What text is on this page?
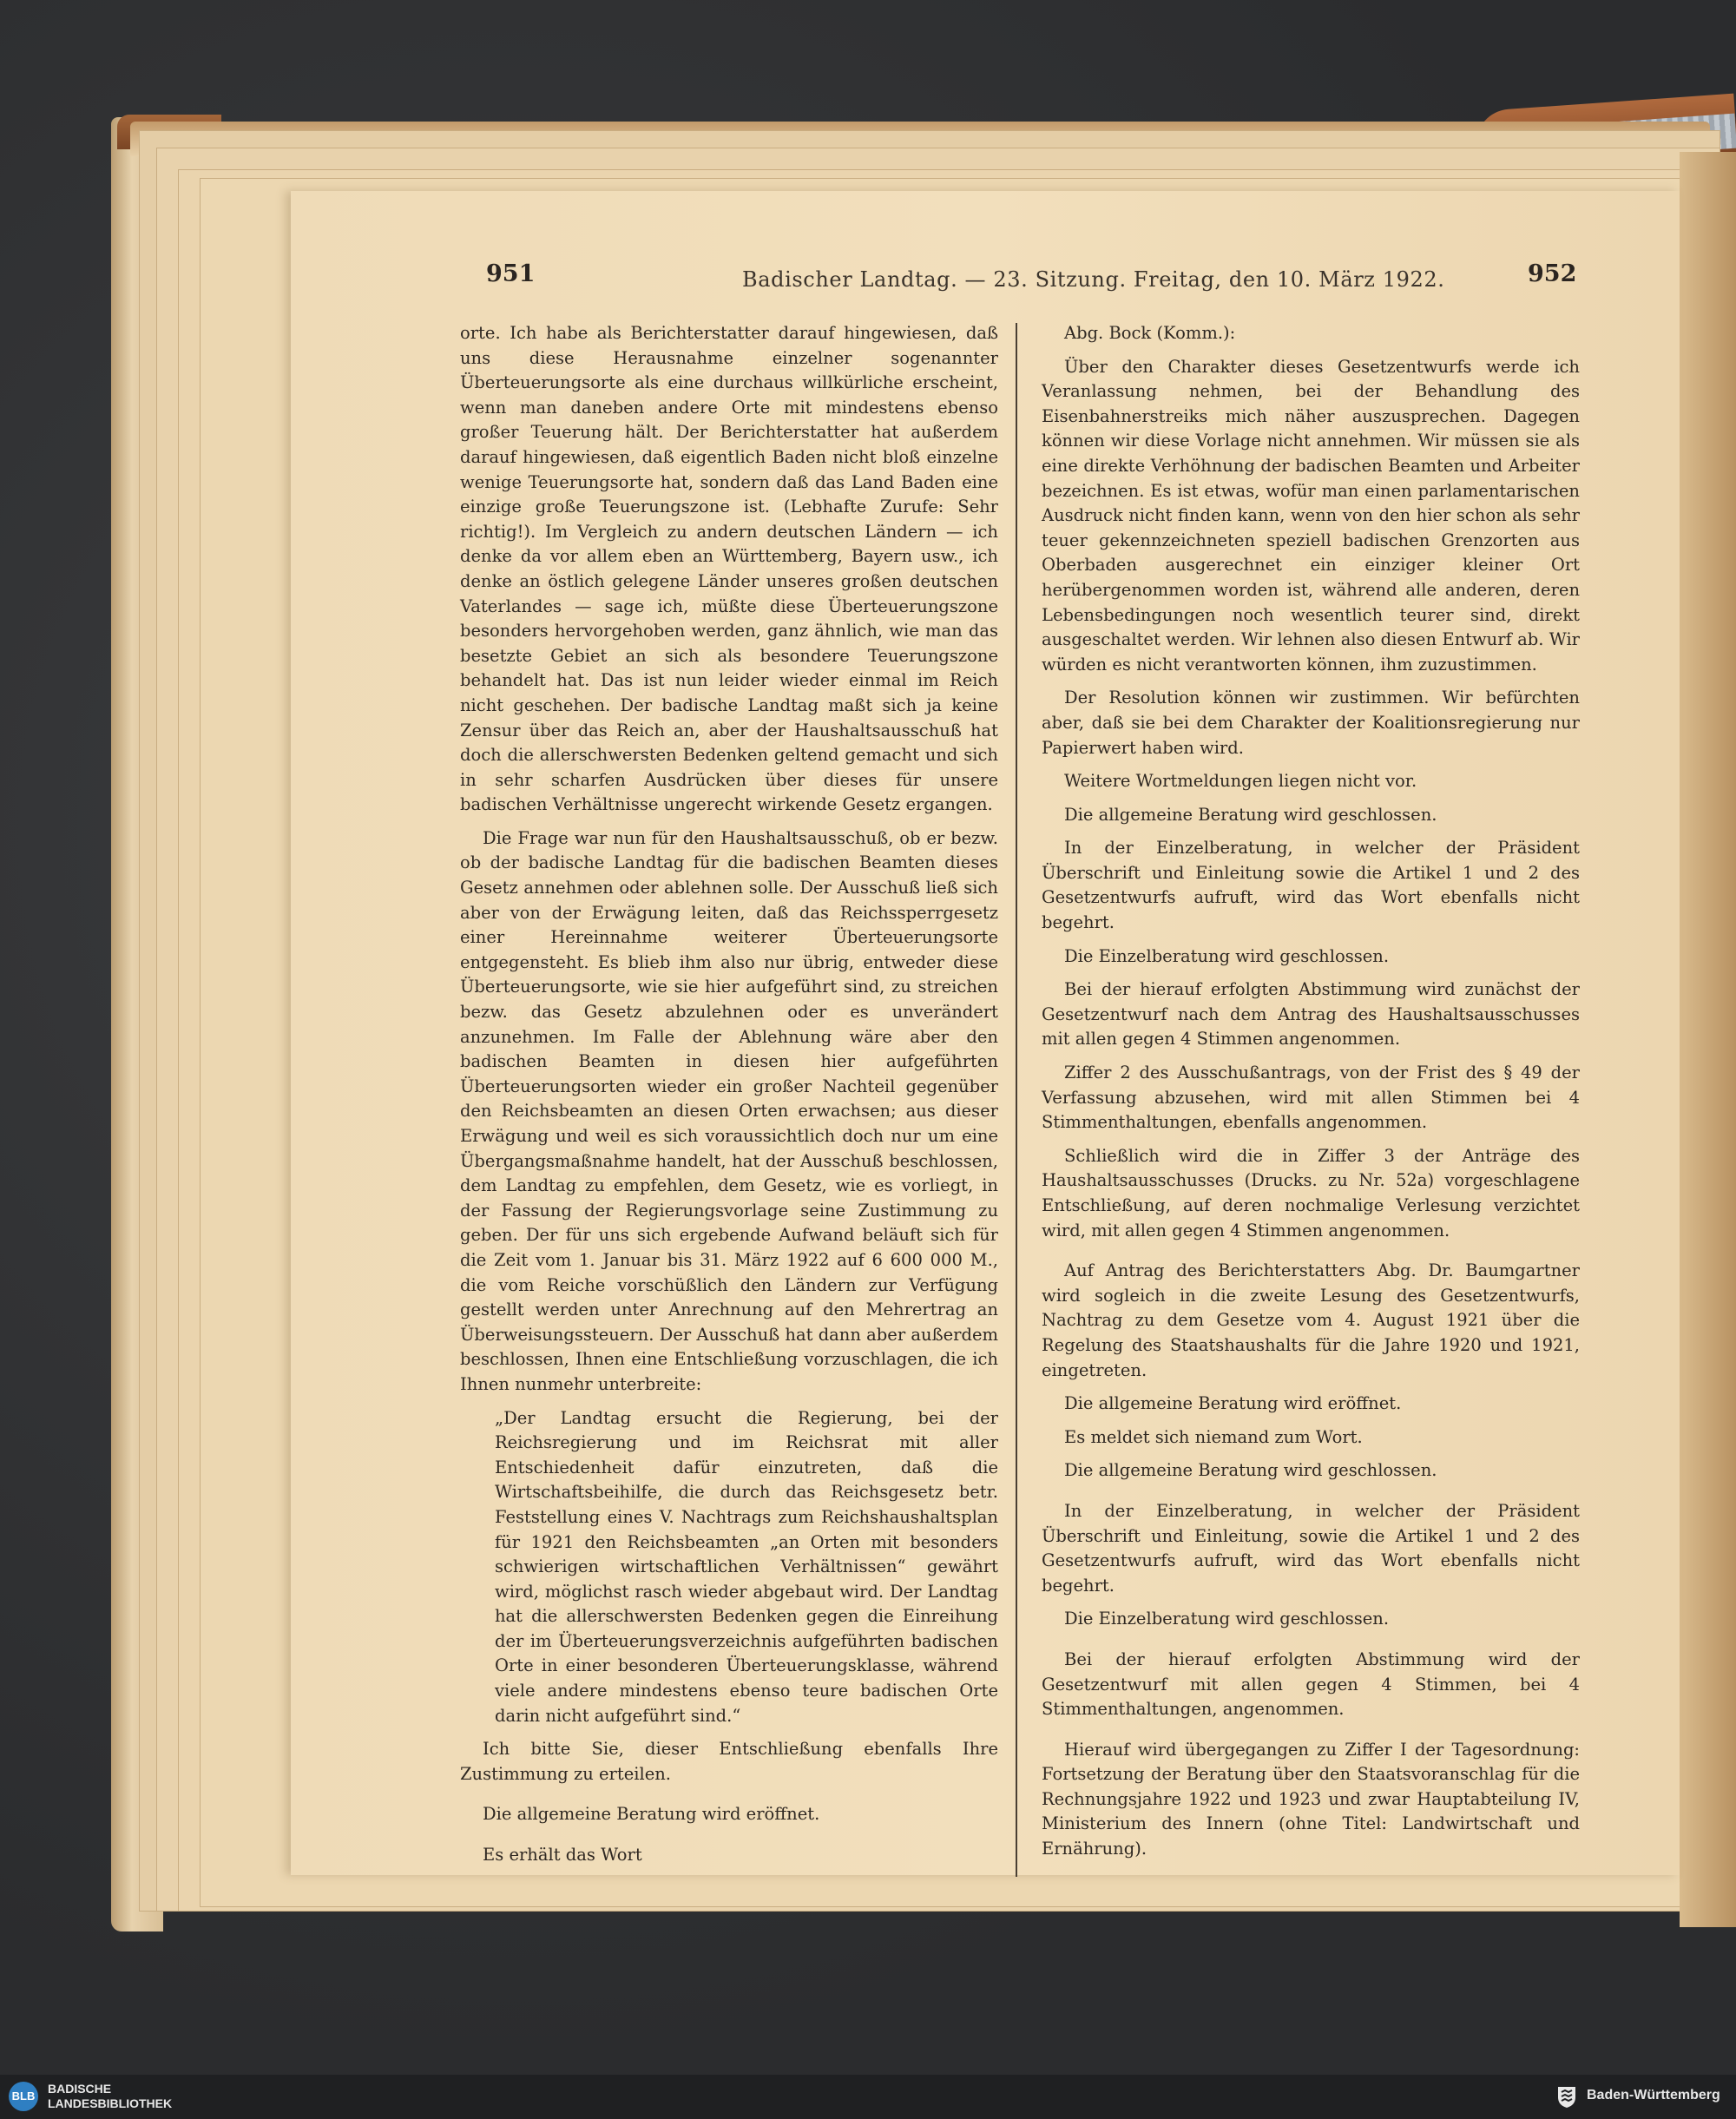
951	Badischer Landtag. — 23. Sitzung. Freitag, den 10. März 1922.	952

orte. Ich habe als Berichterstatter darauf hingewiesen, daß uns diese Herausnahme einzelner sogenannter Überteuerungsorte als eine durchaus willkürliche erscheint, wenn man daneben andere Orte mit mindestens ebenso großer Teuerung hält. Der Berichterstatter hat außerdem darauf hingewiesen, daß eigentlich Baden nicht bloß einzelne wenige Teuerungsorte hat, sondern daß das Land Baden eine einzige große Teuerungszone ist. (Lebhafte Zurufe: Sehr richtig!). Im Vergleich zu andern deutschen Ländern — ich denke da vor allem eben an Württemberg, Bayern usw., ich denke an östlich gelegene Länder unseres großen deutschen Vaterlandes — sage ich, müßte diese Überteuerungszone besonders hervorgehoben werden, ganz ähnlich, wie man das besetzte Gebiet an sich als besondere Teuerungszone behandelt hat. Das ist nun leider wieder einmal im Reich nicht geschehen. Der badische Landtag maßt sich ja keine Zensur über das Reich an, aber der Haushaltsausschuß hat doch die allerschwersten Bedenken geltend gemacht und sich in sehr scharfen Ausdrücken über dieses für unsere badischen Verhältnisse ungerecht wirkende Gesetz ergangen.

Die Frage war nun für den Haushaltsausschuß, ob er bezw. ob der badische Landtag für die badischen Beamten dieses Gesetz annehmen oder ablehnen solle. Der Ausschuß ließ sich aber von der Erwägung leiten, daß das Reichssperrgesetz einer Hereinnahme weiterer Überteuerungsorte entgegensteht. Es blieb ihm also nur übrig, entweder diese Überteuerungsorte, wie sie hier aufgeführt sind, zu streichen bezw. das Gesetz abzulehnen oder es unverändert anzunehmen. Im Falle der Ablehnung wäre aber den badischen Beamten in diesen hier aufgeführten Überteuerungsorten wieder ein großer Nachteil gegenüber den Reichsbeamten an diesen Orten erwachsen; aus dieser Erwägung und weil es sich voraussichtlich doch nur um eine Übergangsmaßnahme handelt, hat der Ausschuß beschlossen, dem Landtag zu empfehlen, dem Gesetz, wie es vorliegt, in der Fassung der Regierungsvorlage seine Zustimmung zu geben. Der für uns sich ergebende Aufwand beläuft sich für die Zeit vom 1. Januar bis 31. März 1922 auf 6 600 000 M., die vom Reiche vorschüßlich den Ländern zur Verfügung gestellt werden unter Anrechnung auf den Mehrertrag an Überweisungssteuern. Der Ausschuß hat dann aber außerdem beschlossen, Ihnen eine Entschließung vorzuschlagen, die ich Ihnen nunmehr unterbreite:

„Der Landtag ersucht die Regierung, bei der Reichsregierung und im Reichsrat mit aller Entschiedenheit dafür einzutreten, daß die Wirtschaftsbeihilfe, die durch das Reichsgesetz betr. Feststellung eines V. Nachtrags zum Reichshaushaltsplan für 1921 den Reichsbeamten „an Orten mit besonders schwierigen wirtschaftlichen Verhältnissen“ gewährt wird, möglichst rasch wieder abgebaut wird. Der Landtag hat die allerschwersten Bedenken gegen die Einreihung der im Überteuerungsverzeichnis aufgeführten badischen Orte in einer besonderen Überteuerungsklasse, während viele andere mindestens ebenso teure badischen Orte darin nicht aufgeführt sind.“

Ich bitte Sie, dieser Entschließung ebenfalls Ihre Zustimmung zu erteilen.

Die allgemeine Beratung wird eröffnet.

Es erhält das Wort

Abg. Bock (Komm.):

Über den Charakter dieses Gesetzentwurfs werde ich Veranlassung nehmen, bei der Behandlung des Eisenbahnerstreiks mich näher auszusprechen. Dagegen können wir diese Vorlage nicht annehmen. Wir müssen sie als eine direkte Verhöhnung der badischen Beamten und Arbeiter bezeichnen. Es ist etwas, wofür man einen parlamentarischen Ausdruck nicht finden kann, wenn von den hier schon als sehr teuer gekennzeichneten speziell badischen Grenzorten aus Oberbaden ausgerechnet ein einziger kleiner Ort herübergenommen worden ist, während alle anderen, deren Lebensbedingungen noch wesentlich teurer sind, direkt ausgeschaltet werden. Wir lehnen also diesen Entwurf ab. Wir würden es nicht verantworten können, ihm zuzustimmen.

Der Resolution können wir zustimmen. Wir befürchten aber, daß sie bei dem Charakter der Koalitionsregierung nur Papierwert haben wird.

Weitere Wortmeldungen liegen nicht vor.

Die allgemeine Beratung wird geschlossen.

In der Einzelberatung, in welcher der Präsident Überschrift und Einleitung sowie die Artikel 1 und 2 des Gesetzentwurfs aufruft, wird das Wort ebenfalls nicht begehrt.

Die Einzelberatung wird geschlossen.

Bei der hierauf erfolgten Abstimmung wird zunächst der Gesetzentwurf nach dem Antrag des Haushaltsausschusses mit allen gegen 4 Stimmen angenommen.

Ziffer 2 des Ausschußantrags, von der Frist des § 49 der Verfassung abzusehen, wird mit allen Stimmen bei 4 Stimmenthaltungen, ebenfalls angenommen.

Schließlich wird die in Ziffer 3 der Anträge des Haushaltsausschusses (Drucks. zu Nr. 52a) vorgeschlagene Entschließung, auf deren nochmalige Verlesung verzichtet wird, mit allen gegen 4 Stimmen angenommen.

Auf Antrag des Berichterstatters Abg. Dr. Baumgartner wird sogleich in die zweite Lesung des Gesetzentwurfs, Nachtrag zu dem Gesetze vom 4. August 1921 über die Regelung des Staatshaushalts für die Jahre 1920 und 1921, eingetreten.

Die allgemeine Beratung wird eröffnet.

Es meldet sich niemand zum Wort.

Die allgemeine Beratung wird geschlossen.

In der Einzelberatung, in welcher der Präsident Überschrift und Einleitung, sowie die Artikel 1 und 2 des Gesetzentwurfs aufruft, wird das Wort ebenfalls nicht begehrt.

Die Einzelberatung wird geschlossen.

Bei der hierauf erfolgten Abstimmung wird der Gesetzentwurf mit allen gegen 4 Stimmen, bei 4 Stimmenthaltungen, angenommen.

Hierauf wird übergegangen zu Ziffer I der Tagesordnung: Fortsetzung der Beratung über den Staatsvoranschlag für die Rechnungsjahre 1922 und 1923 und zwar Hauptabteilung IV, Ministerium des Innern (ohne Titel: Landwirtschaft und Ernährung).

BLB
BADISCHE
LANDESBIBLIOTHEK
Baden-Württemberg
